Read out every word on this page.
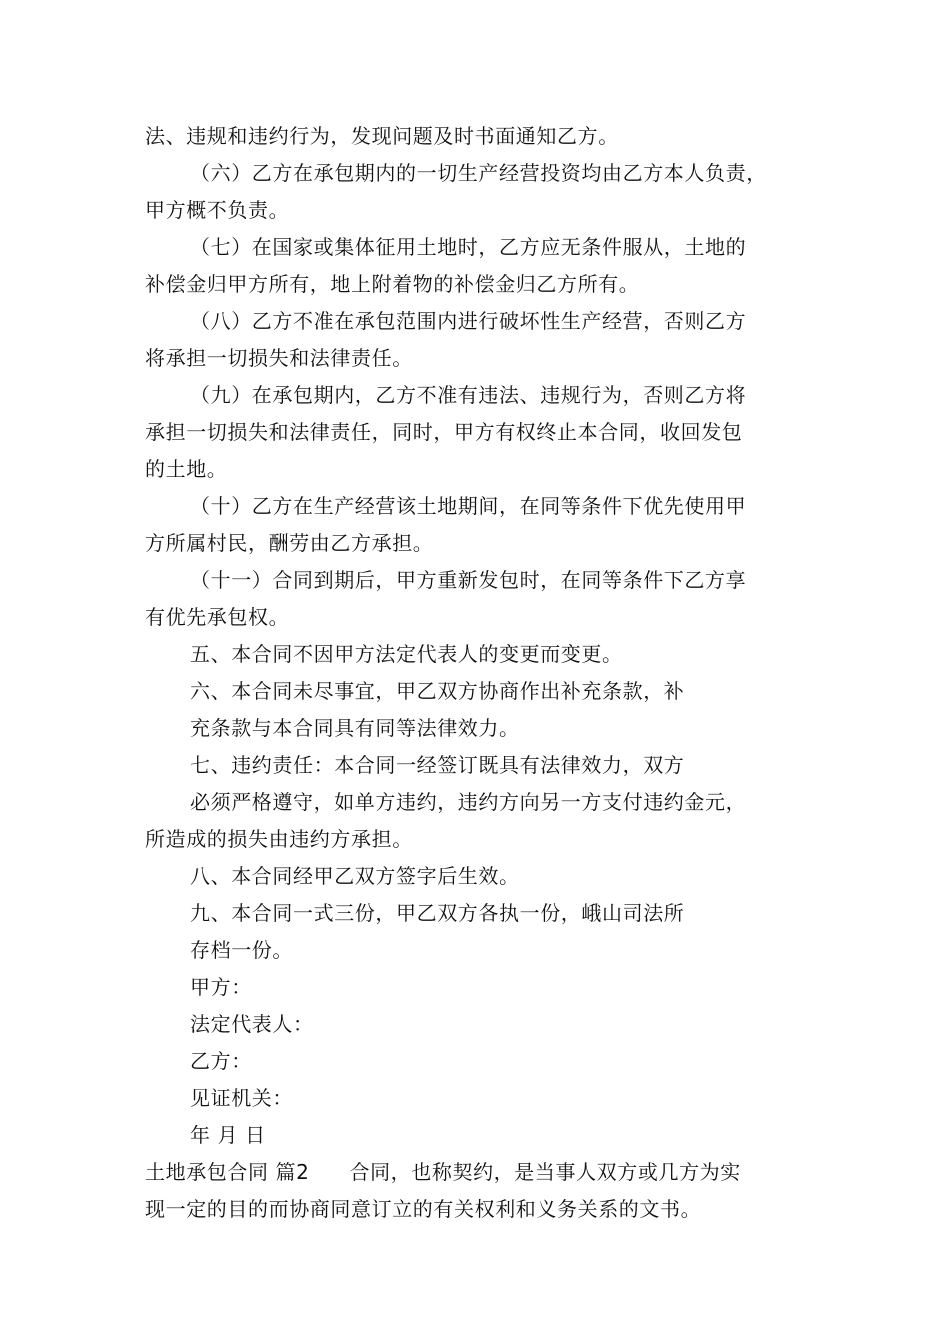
法、违规和违约行为，发现问题及时书面通知乙方。
（六）乙方在承包期内的一切生产经营投资均由乙方本人负责，
甲方概不负责。
（七）在国家或集体征用土地时，乙方应无条件服从，土地的
补偿金归甲方所有，地上附着物的补偿金归乙方所有。
（八）乙方不准在承包范围内进行破坏性生产经营，否则乙方
将承担一切损失和法律责任。
（九）在承包期内，乙方不准有违法、违规行为，否则乙方将
承担一切损失和法律责任，同时，甲方有权终止本合同，收回发包
的土地。
（十）乙方在生产经营该土地期间，在同等条件下优先使用甲
方所属村民，酬劳由乙方承担。
（十一）合同到期后，甲方重新发包时，在同等条件下乙方享
有优先承包权。
五、本合同不因甲方法定代表人的变更而变更。
六、本合同未尽事宜，甲乙双方协商作出补充条款，补
充条款与本合同具有同等法律效力。
七、违约责任：本合同一经签订既具有法律效力，双方
必须严格遵守，如单方违约，违约方向另一方支付违约金元，
所造成的损失由违约方承担。
八、本合同经甲乙双方签字后生效。
九、本合同一式三份，甲乙双方各执一份，峨山司法所
存档一份。
甲方：
法定代表人：
乙方：
见证机关：
年 月 日
土地承包合同 篇2 合同，也称契约，是当事人双方或几方为实
现一定的目的而协商同意订立的有关权利和义务关系的文书。
